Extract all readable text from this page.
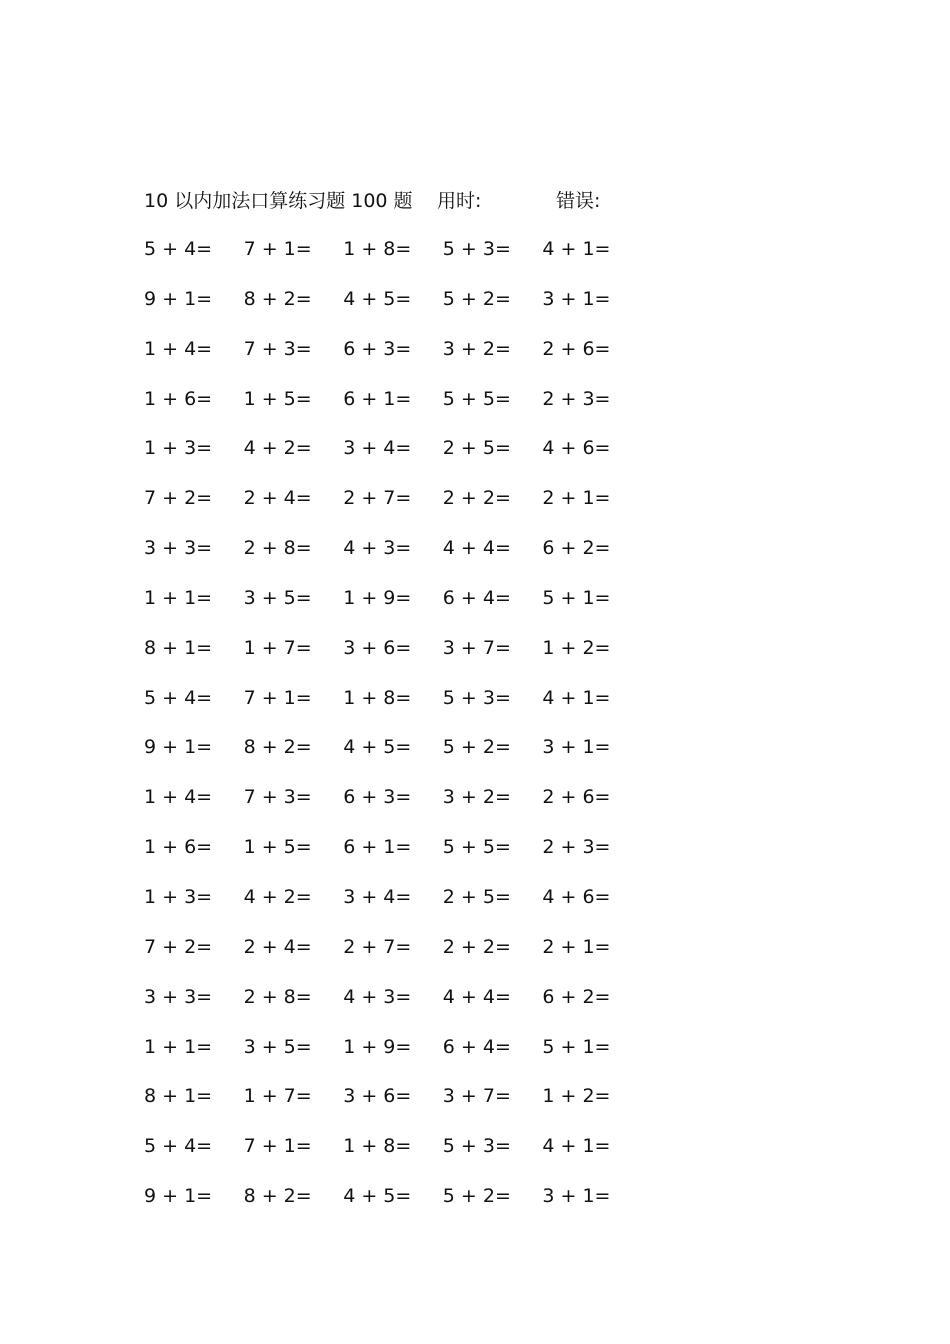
10 以内加法口算练习题 100 题 用时:	错误:
5 + 4=	7 + 1=	1 + 8=	5 + 3=	4 + 1=
9 + 1=	8 + 2=	4 + 5=	5 + 2=	3 + 1=
1 + 4=	7 + 3=	6 + 3=	3 + 2=	2 + 6=
1 + 6=	1 + 5=	6 + 1=	5 + 5=	2 + 3=
1 + 3=	4 + 2=	3 + 4=	2 + 5=	4 + 6=
7 + 2=	2 + 4=	2 + 7=	2 + 2=	2 + 1=
3 + 3=	2 + 8=	4 + 3=	4 + 4=	6 + 2=
1 + 1=	3 + 5=	1 + 9=	6 + 4=	5 + 1=
8 + 1=	1 + 7=	3 + 6=	3 + 7=	1 + 2=
5 + 4=	7 + 1=	1 + 8=	5 + 3=	4 + 1=
9 + 1=	8 + 2=	4 + 5=	5 + 2=	3 + 1=
1 + 4=	7 + 3=	6 + 3=	3 + 2=	2 + 6=
1 + 6=	1 + 5=	6 + 1=	5 + 5=	2 + 3=
1 + 3=	4 + 2=	3 + 4=	2 + 5=	4 + 6=
7 + 2=	2 + 4=	2 + 7=	2 + 2=	2 + 1=
3 + 3=	2 + 8=	4 + 3=	4 + 4=	6 + 2=
1 + 1=	3 + 5=	1 + 9=	6 + 4=	5 + 1=
8 + 1=	1 + 7=	3 + 6=	3 + 7=	1 + 2=
5 + 4=	7 + 1=	1 + 8=	5 + 3=	4 + 1=
9 + 1=	8 + 2=	4 + 5=	5 + 2=	3 + 1=
